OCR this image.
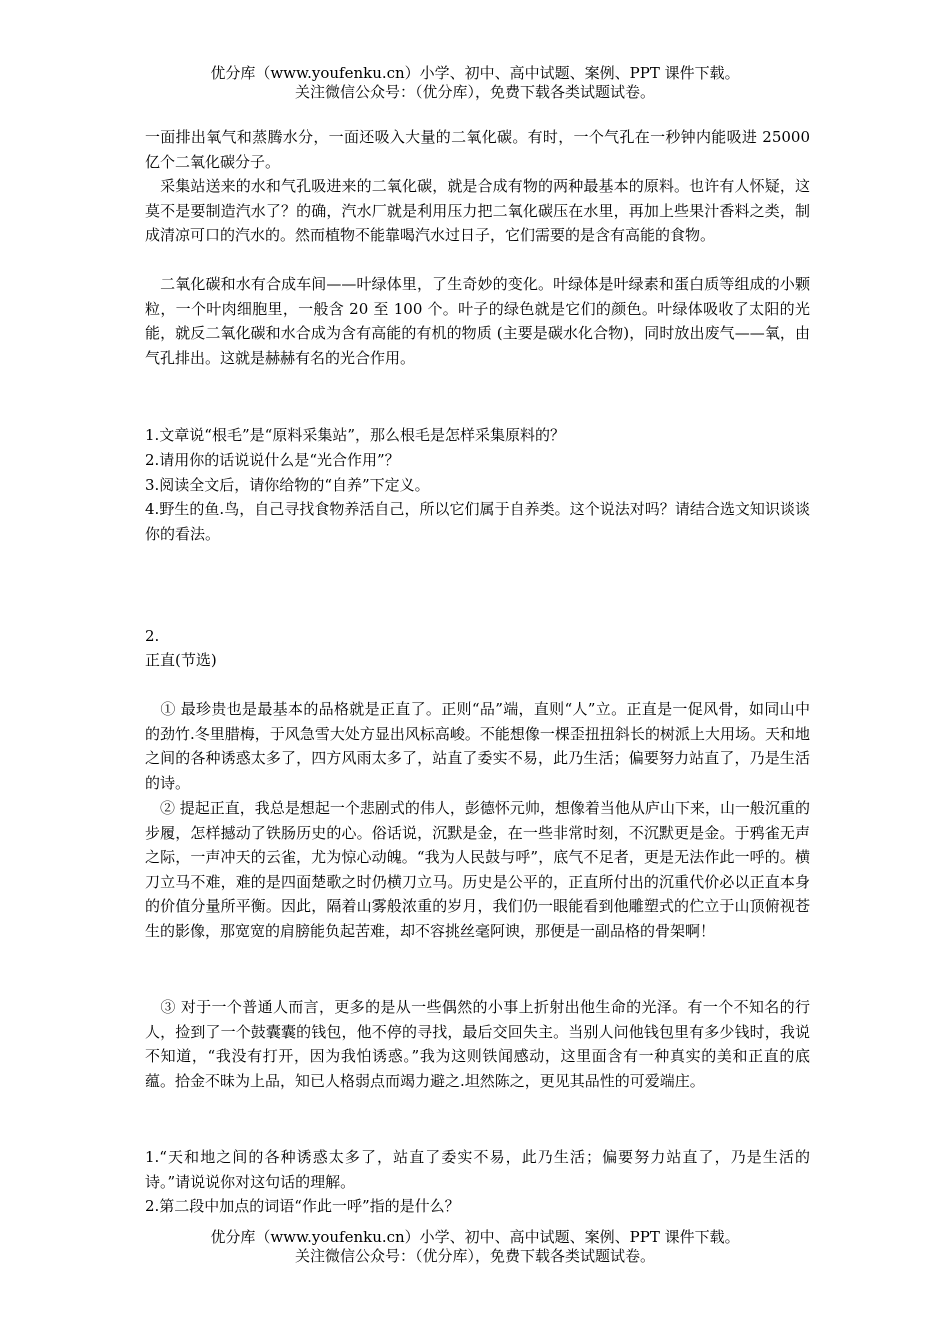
优分库（www.youfenku.cn）小学、初中、高中试题、案例、PPT 课件下载。
关注微信公众号：（优分库），免费下载各类试题试卷。
一面排出氧气和蒸腾水分，一面还吸入大量的二氧化碳。有时，一个气孔在一秒钟内能吸进 25000 亿个二氧化碳分子。
　采集站送来的水和气孔吸进来的二氧化碳，就是合成有物的两种最基本的原料。也许有人怀疑，这莫不是要制造汽水了？的确，汽水厂就是利用压力把二氧化碳压在水里，再加上些果汁香料之类，制成清凉可口的汽水的。然而植物不能靠喝汽水过日子，它们需要的是含有高能的食物。
　二氧化碳和水有合成车间——叶绿体里，了生奇妙的变化。叶绿体是叶绿素和蛋白质等组成的小颗粒，一个叶肉细胞里，一般含 20 至 100 个。叶子的绿色就是它们的颜色。叶绿体吸收了太阳的光能，就反二氧化碳和水合成为含有高能的有机的物质 (主要是碳水化合物)，同时放出废气——氧，由气孔排出。这就是赫赫有名的光合作用。
1.文章说“根毛”是“原料采集站”，那么根毛是怎样采集原料的？
2.请用你的话说说什么是“光合作用”？
3.阅读全文后，请你给物的“自养”下定义。
4.野生的鱼.鸟，自己寻找食物养活自己，所以它们属于自养类。这个说法对吗？请结合选文知识谈谈你的看法。
2.
正直(节选)
　① 最珍贵也是最基本的品格就是正直了。正则“品”端，直则“人”立。正直是一促风骨，如同山中的劲竹.冬里腊梅，于风急雪大处方显出风标高峻。不能想像一棵歪扭扭斜长的树派上大用场。天和地之间的各种诱惑太多了，四方风雨太多了，站直了委实不易，此乃生活；偏要努力站直了，乃是生活的诗。
　② 提起正直，我总是想起一个悲剧式的伟人，彭德怀元帅，想像着当他从庐山下来，山一般沉重的步履，怎样撼动了铁肠历史的心。俗话说，沉默是金，在一些非常时刻，不沉默更是金。于鸦雀无声之际，一声冲天的云雀，尤为惊心动魄。“我为人民鼓与呼”，底气不足者，更是无法作此一呼的。横刀立马不难，难的是四面楚歌之时仍横刀立马。历史是公平的，正直所付出的沉重代价必以正直本身的价值分量所平衡。因此，隔着山雾般浓重的岁月，我们仍一眼能看到他雕塑式的伫立于山顶俯视苍生的影像，那宽宽的肩膀能负起苦难，却不容挑丝毫阿谀，那便是一副品格的骨架啊！
　③ 对于一个普通人而言，更多的是从一些偶然的小事上折射出他生命的光泽。有一个不知名的行人，捡到了一个鼓囊囊的钱包，他不停的寻找，最后交回失主。当别人问他钱包里有多少钱时，我说不知道，“我没有打开，因为我怕诱惑。”我为这则铁闻感动，这里面含有一种真实的美和正直的底蕴。拾金不昧为上品，知已人格弱点而竭力避之.坦然陈之，更见其品性的可爱端庄。
1.“天和地之间的各种诱惑太多了，站直了委实不易，此乃生活；偏要努力站直了，乃是生活的诗。”请说说你对这句话的理解。
2.第二段中加点的词语“作此一呼”指的是什么？
优分库（www.youfenku.cn）小学、初中、高中试题、案例、PPT 课件下载。
关注微信公众号：（优分库），免费下载各类试题试卷。
